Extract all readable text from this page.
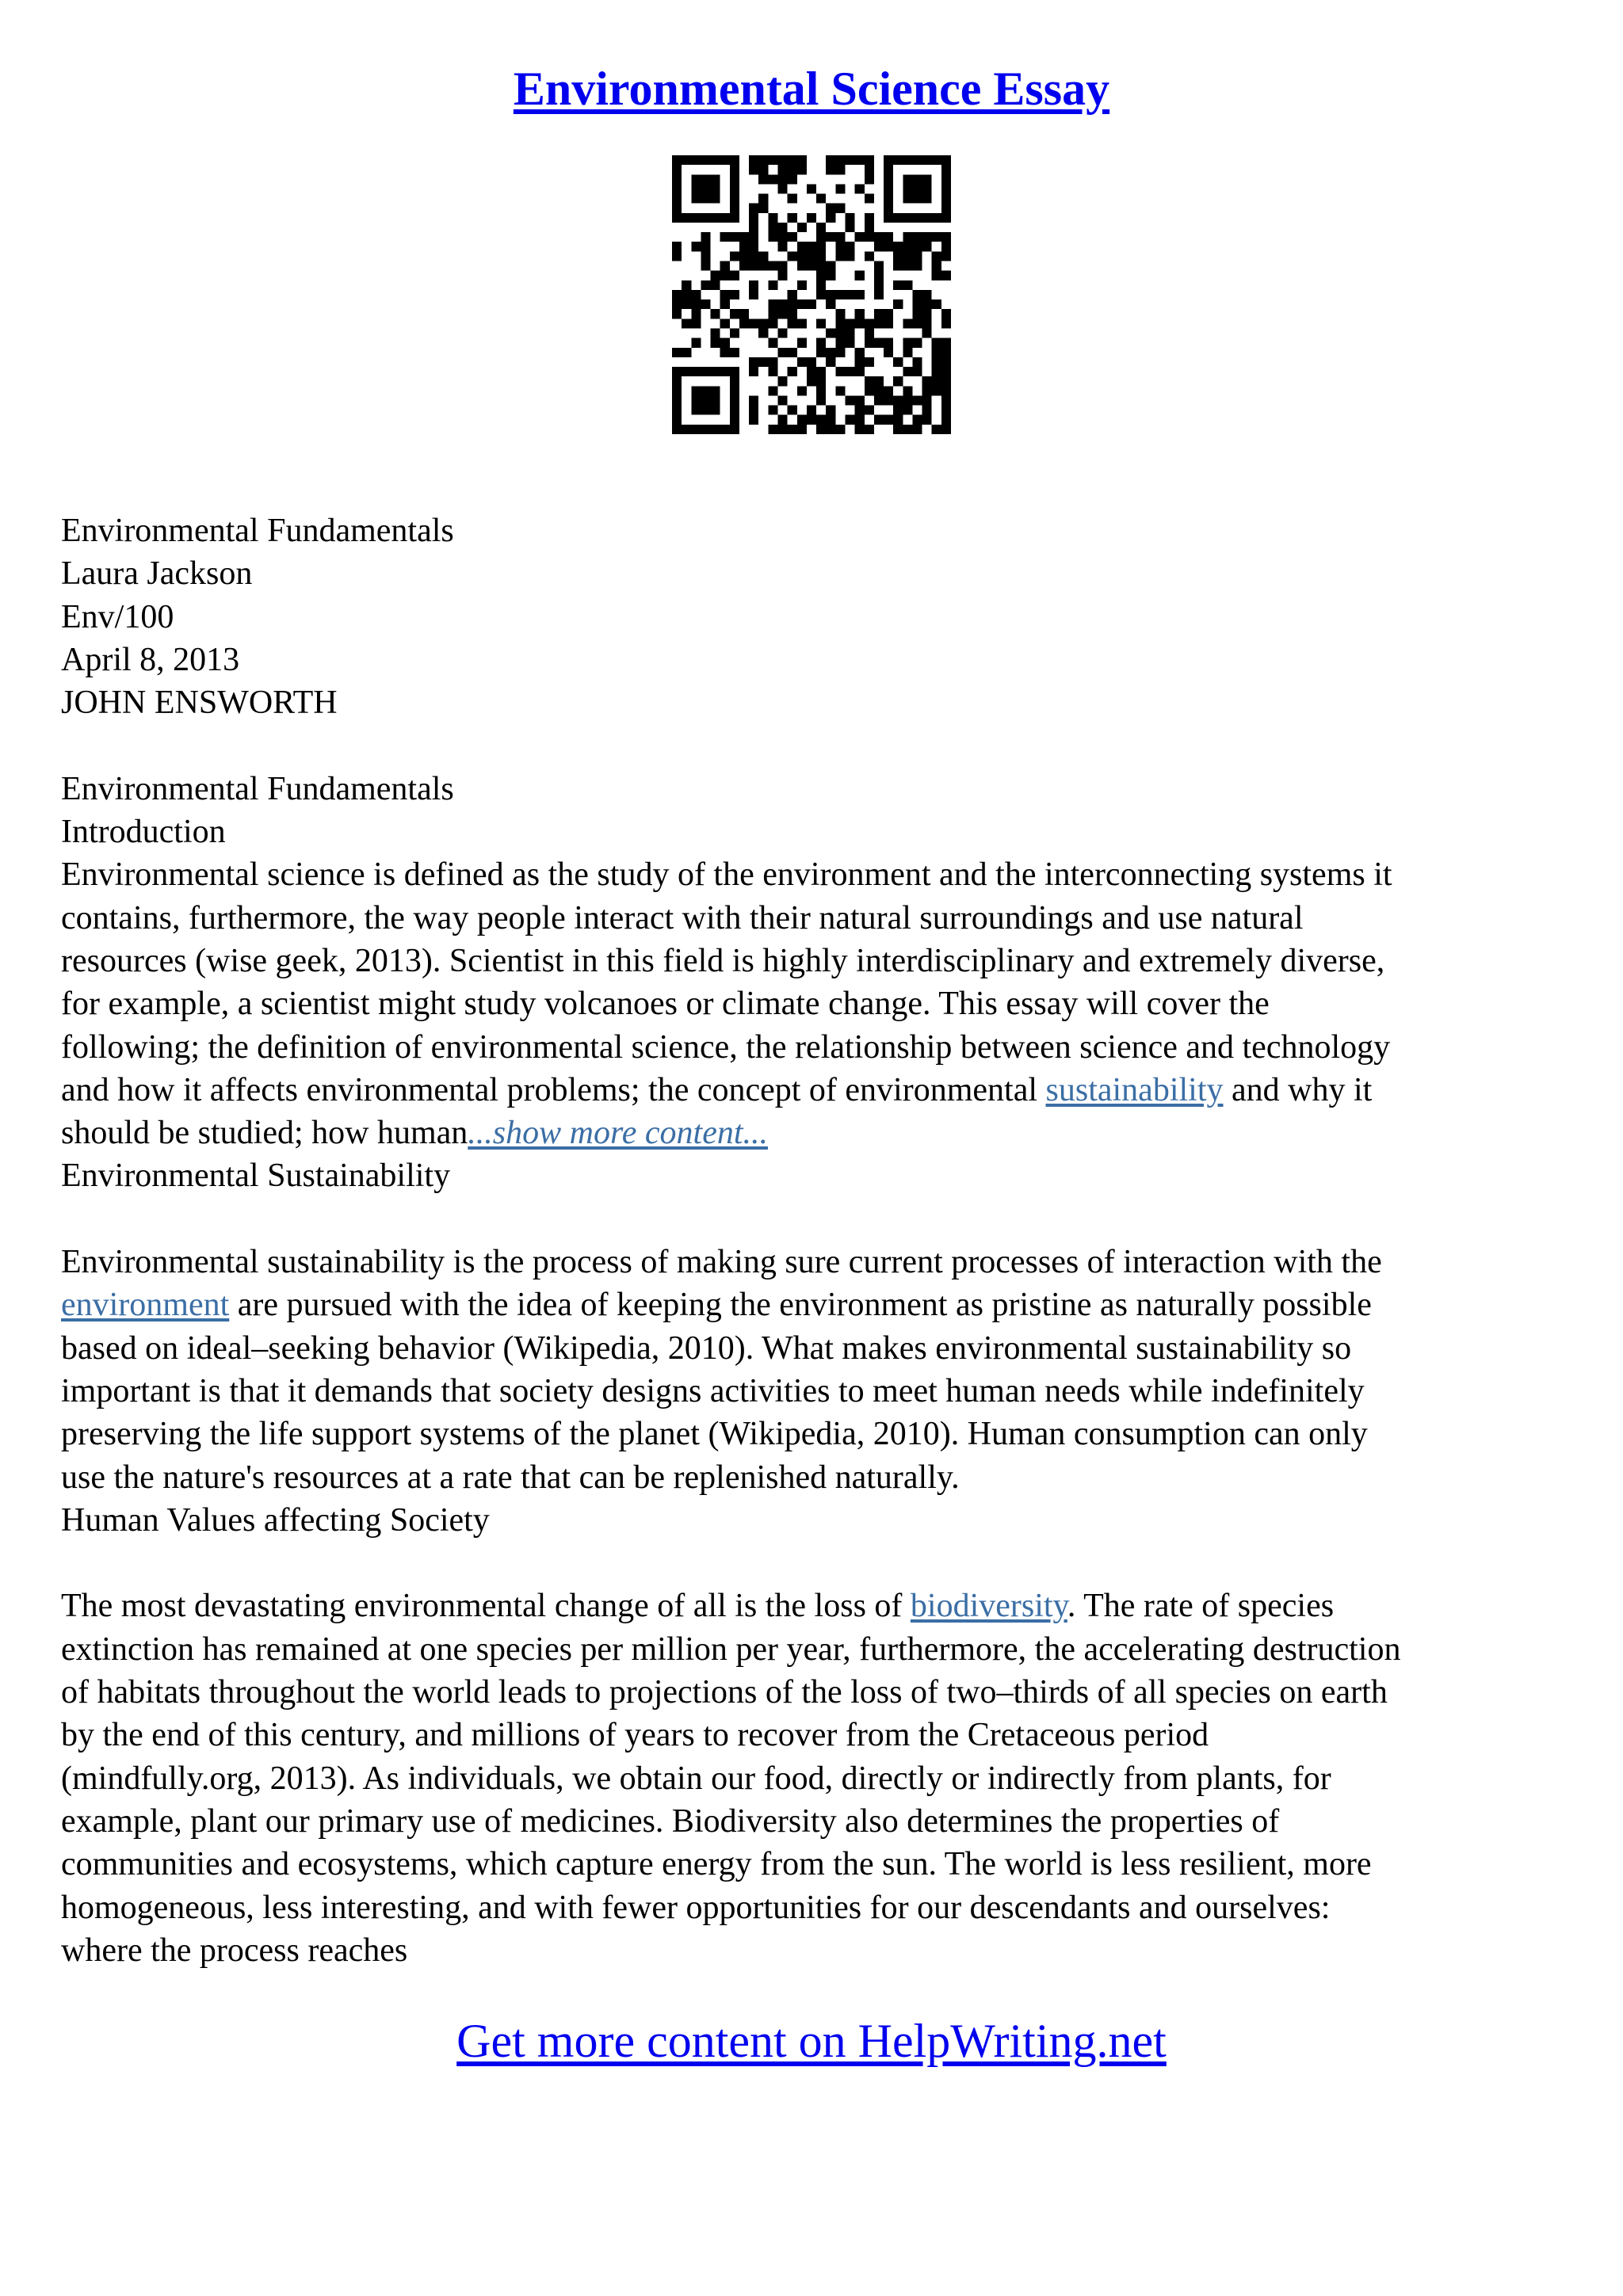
Environmental Science Essay
Environmental Fundamentals
Laura Jackson
Env/100
April 8, 2013
JOHN ENSWORTH
Environmental Fundamentals
Introduction
Environmental science is defined as the study of the environment and the interconnecting systems it
contains, furthermore, the way people interact with their natural surroundings and use natural
resources (wise geek, 2013). Scientist in this field is highly interdisciplinary and extremely diverse,
for example, a scientist might study volcanoes or climate change. This essay will cover the
following; the definition of environmental science, the relationship between science and technology
and how it affects environmental problems; the concept of environmental sustainability and why it
should be studied; how human...show more content...
Environmental Sustainability
Environmental sustainability is the process of making sure current processes of interaction with the
environment are pursued with the idea of keeping the environment as pristine as naturally possible
based on ideal–seeking behavior (Wikipedia, 2010). What makes environmental sustainability so
important is that it demands that society designs activities to meet human needs while indefinitely
preserving the life support systems of the planet (Wikipedia, 2010). Human consumption can only
use the nature's resources at a rate that can be replenished naturally.
Human Values affecting Society
The most devastating environmental change of all is the loss of biodiversity. The rate of species
extinction has remained at one species per million per year, furthermore, the accelerating destruction
of habitats throughout the world leads to projections of the loss of two–thirds of all species on earth
by the end of this century, and millions of years to recover from the Cretaceous period
(mindfully.org, 2013). As individuals, we obtain our food, directly or indirectly from plants, for
example, plant our primary use of medicines. Biodiversity also determines the properties of
communities and ecosystems, which capture energy from the sun. The world is less resilient, more
homogeneous, less interesting, and with fewer opportunities for our descendants and ourselves:
where the process reaches
Get more content on HelpWriting.net
